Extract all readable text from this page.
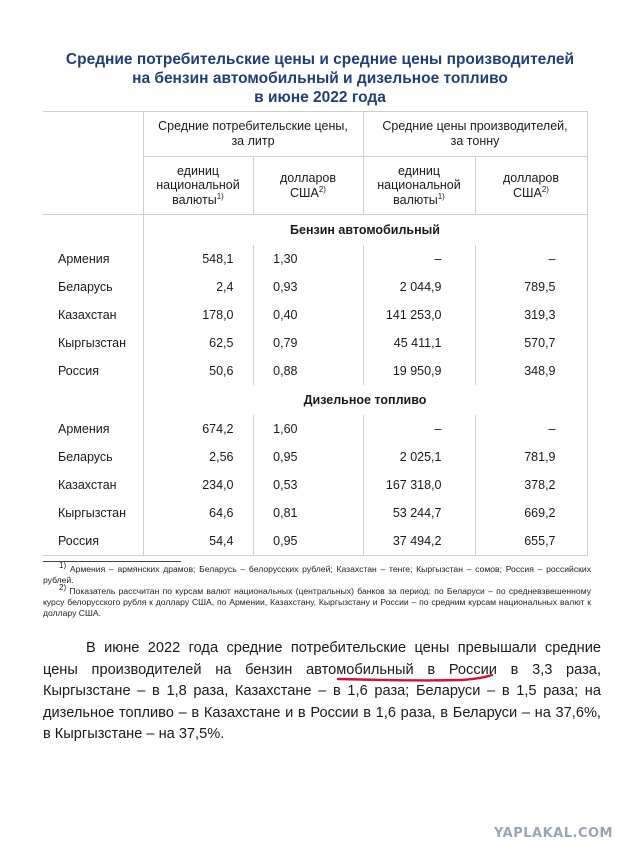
Средние потребительские цены и средние цены производителей
на бензин автомобильный и дизельное топливо
в июне 2022 года
	Средние потребительские цены, за литр		Средние цены производителей, за тонну	
	единиц национальной валюты$^{1)}$	долларов США$^{2)}$	единиц национальной валюты$^{1)}$	долларов США$^{2)}$
	Бензин автомобильный			
Армения	548,1	1,30	–	–
Беларусь	2,4	0,93	2 044,9	789,5
Казахстан	178,0	0,40	141 253,0	319,3
Кыргызстан	62,5	0,79	45 411,1	570,7
Россия	50,6	0,88	19 950,9	348,9
	Дизельное топливо			
Армения	674,2	1,60	–	–
Беларусь	2,56	0,95	2 025,1	781,9
Казахстан	234,0	0,53	167 318,0	378,2
Кыргызстан	64,6	0,81	53 244,7	669,2
Россия	54,4	0,95	37 494,2	655,7

$^{1)}$ Армения – армянских драмов; Беларусь – белорусских рублей; Казахстан – тенге; Кыргызстан – сомов; Россия – российских рублей.

$^{2)}$ Показатель рассчитан по курсам валют национальных (центральных) банков за период: по Беларуси – по средневзвешенному курсу белорусского рубля к доллару США, по Армении, Казахстану, Кыргызстану и России – по средним курсам национальных валют к доллару США.

В июне 2022 года средние потребительские цены превышали средние цены производителей на бензин автомобильный в России в 3,3 раза, Кыргызстане – в 1,8 раза, Казахстане – в 1,6 раза; Беларуси – в 1,5 раза; на дизельное топливо – в Казахстане и в России в 1,6 раза, в Беларуси – на 37,6%, в Кыргызстане – на 37,5%.

YAPLAKAL.COM
